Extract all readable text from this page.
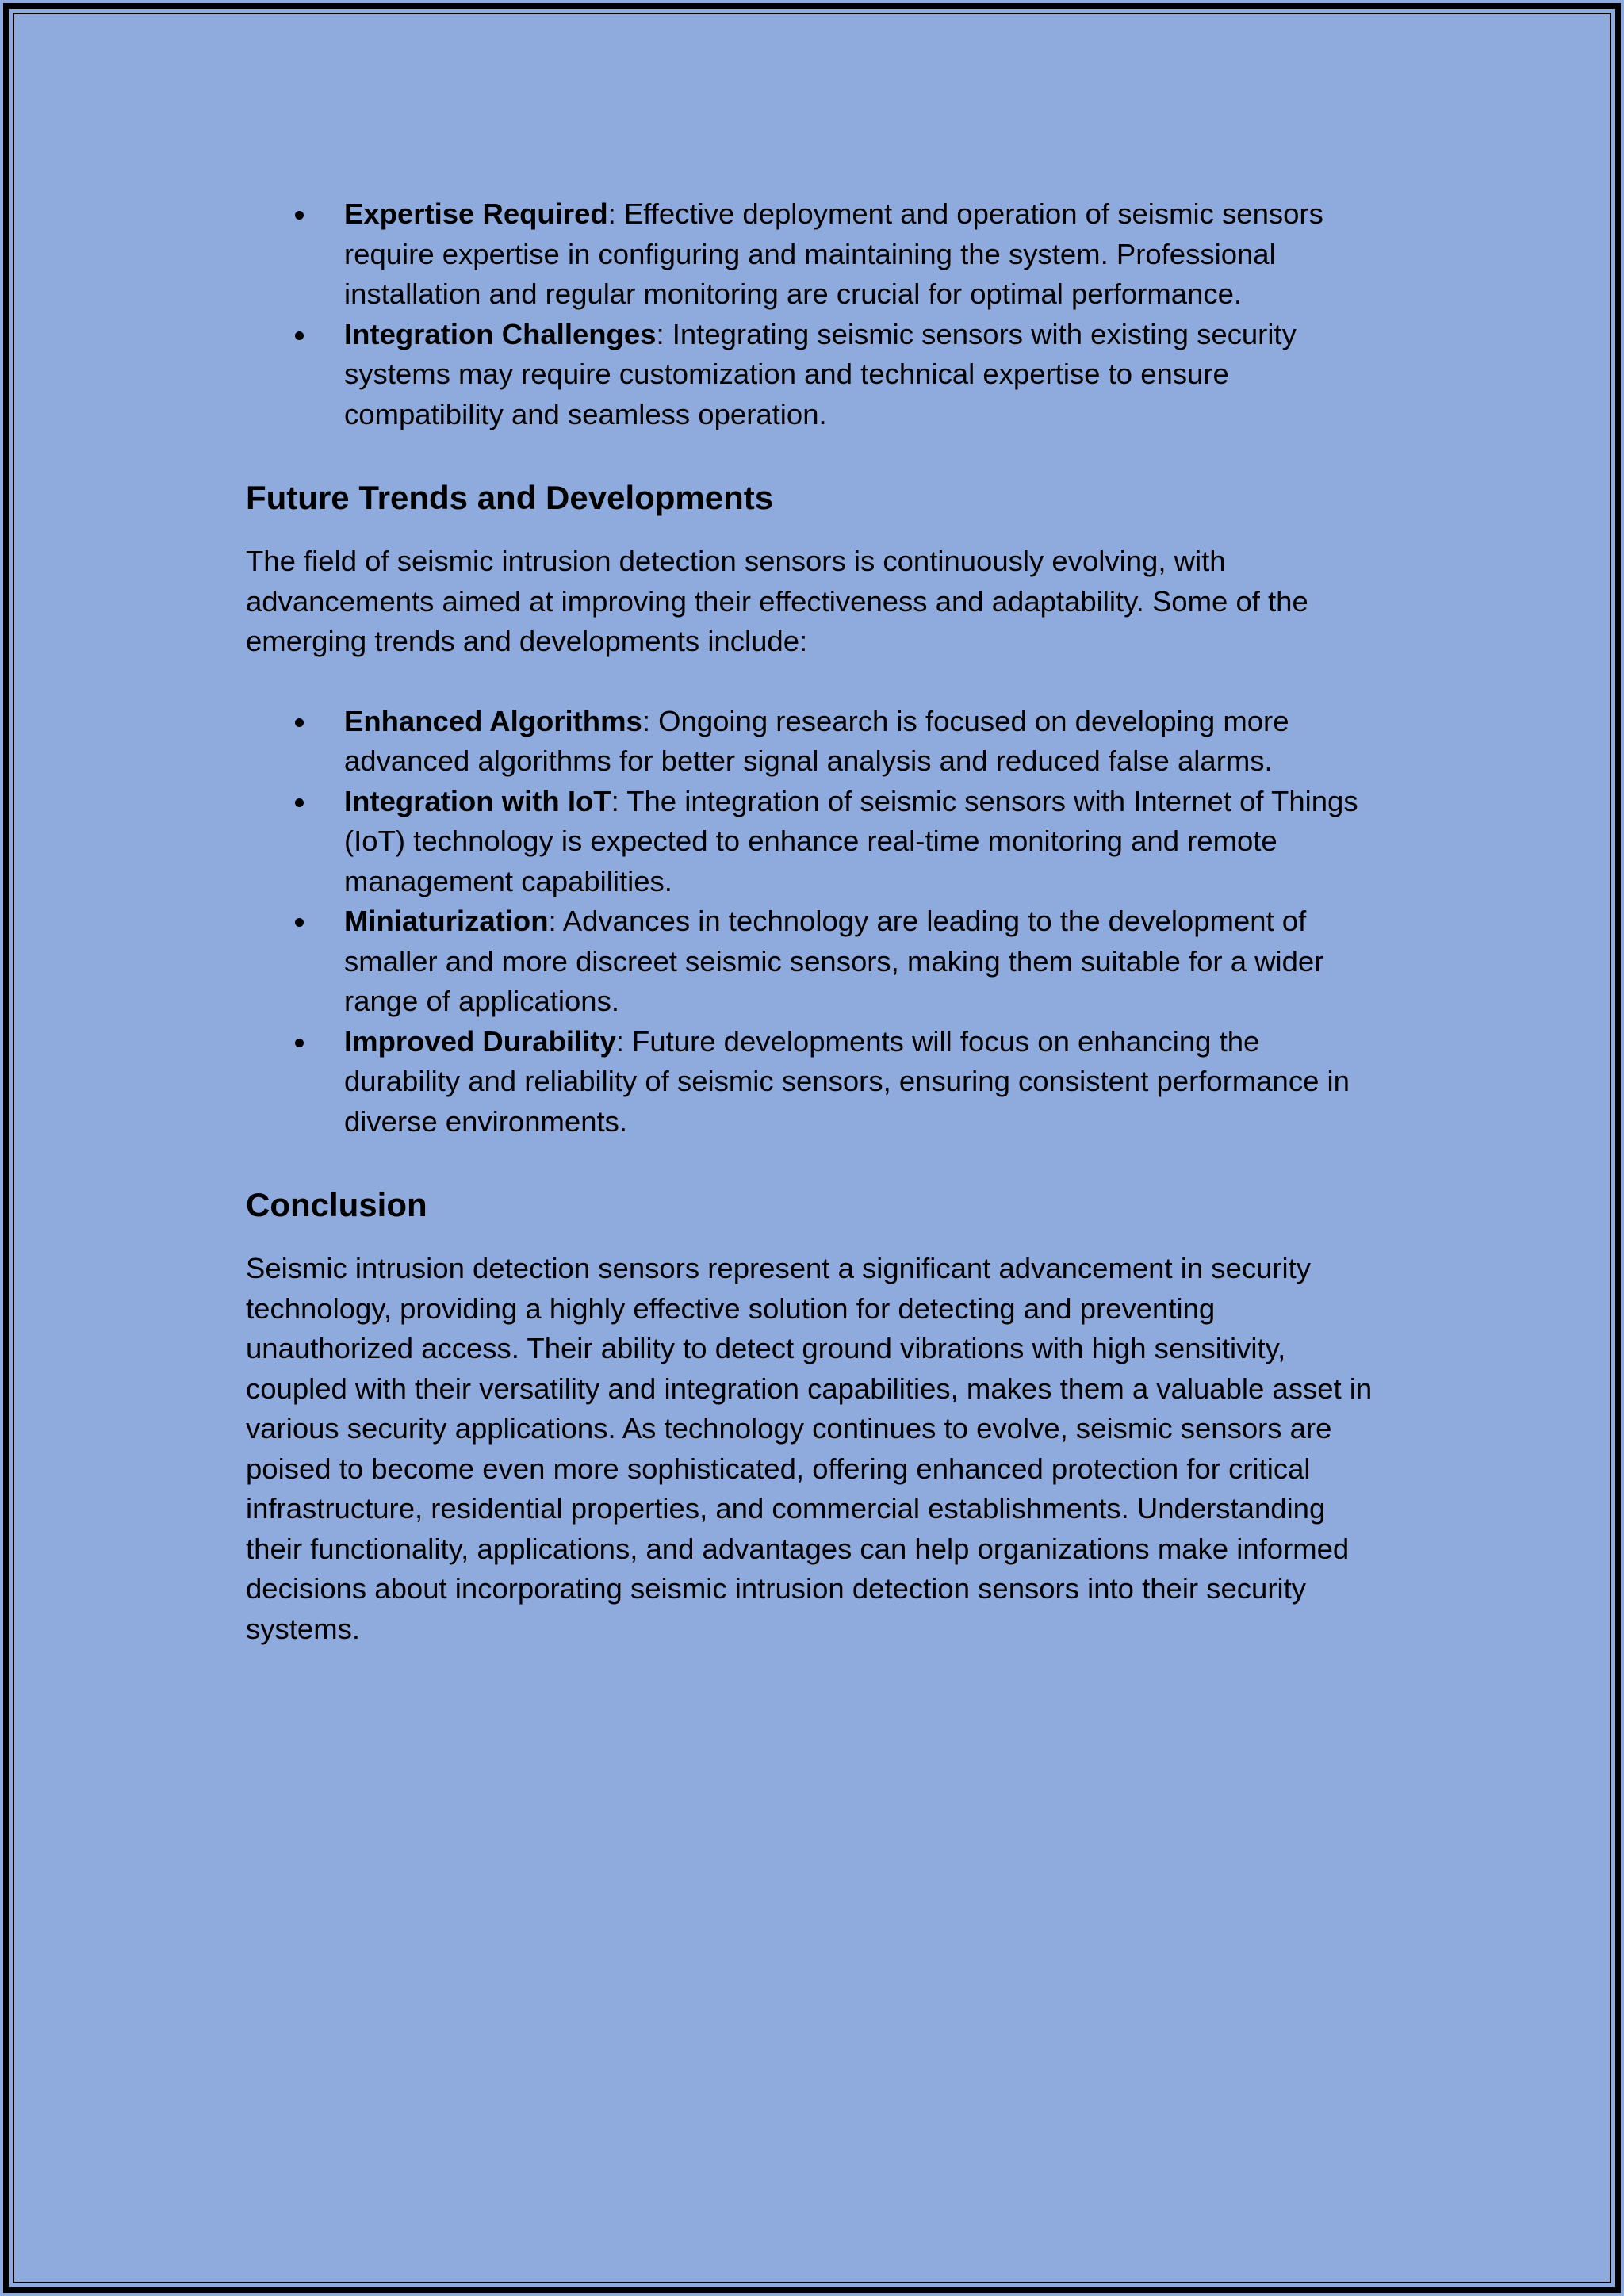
Expertise Required: Effective deployment and operation of seismic sensors require expertise in configuring and maintaining the system. Professional installation and regular monitoring are crucial for optimal performance.
Integration Challenges: Integrating seismic sensors with existing security systems may require customization and technical expertise to ensure compatibility and seamless operation.
Future Trends and Developments

The field of seismic intrusion detection sensors is continuously evolving, with advancements aimed at improving their effectiveness and adaptability. Some of the emerging trends and developments include:

Enhanced Algorithms: Ongoing research is focused on developing more advanced algorithms for better signal analysis and reduced false alarms.
Integration with IoT: The integration of seismic sensors with Internet of Things (IoT) technology is expected to enhance real-time monitoring and remote management capabilities.
Miniaturization: Advances in technology are leading to the development of smaller and more discreet seismic sensors, making them suitable for a wider range of applications.
Improved Durability: Future developments will focus on enhancing the durability and reliability of seismic sensors, ensuring consistent performance in diverse environments.
Conclusion

Seismic intrusion detection sensors represent a significant advancement in security technology, providing a highly effective solution for detecting and preventing unauthorized access. Their ability to detect ground vibrations with high sensitivity, coupled with their versatility and integration capabilities, makes them a valuable asset in various security applications. As technology continues to evolve, seismic sensors are poised to become even more sophisticated, offering enhanced protection for critical infrastructure, residential properties, and commercial establishments. Understanding their functionality, applications, and advantages can help organizations make informed decisions about incorporating seismic intrusion detection sensors into their security systems.
